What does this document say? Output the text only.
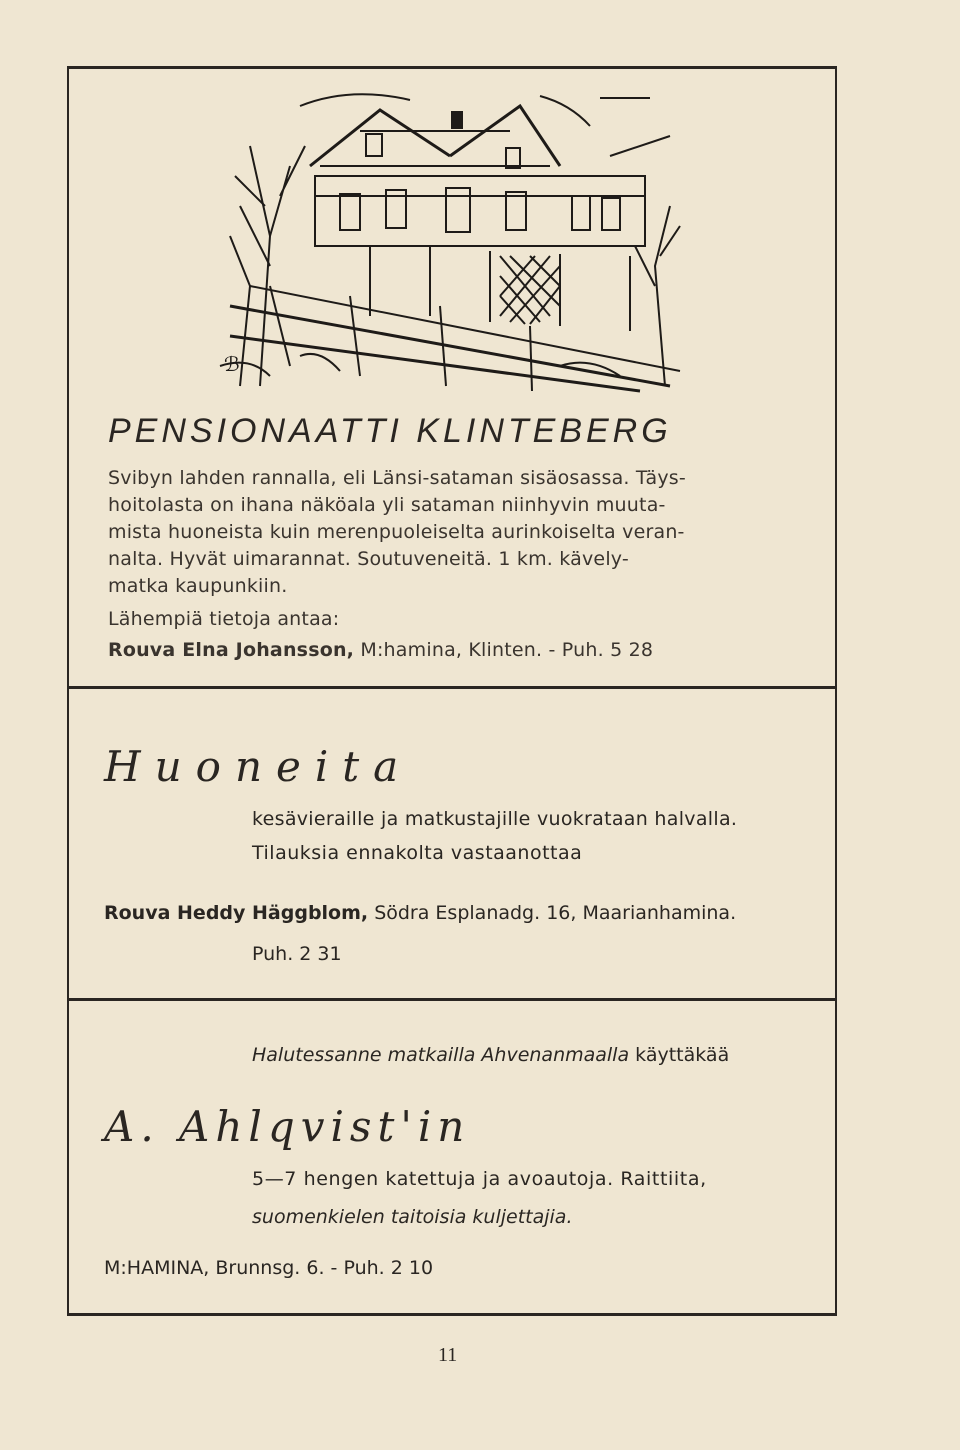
ℬ
PENSIONAATTI KLINTEBERG
Svibyn lahden rannalla, eli Länsi-sataman sisäosassa. Täys-
hoitolasta on ihana näköala yli sataman niinhyvin muuta-
mista huoneista kuin merenpuoleiselta aurinkoiselta veran-
nalta. Hyvät uimarannat. Soutuveneitä. 1 km. kävely-
matka kaupunkiin.
Lähempiä tietoja antaa:
Rouva Elna Johansson, M:hamina, Klinten. - Puh. 5 28
Huoneita
kesävieraille ja matkustajille vuokrataan halvalla.
Tilauksia ennakolta vastaanottaa
Rouva Heddy Häggblom, Södra Esplanadg. 16, Maarianhamina.
Puh. 2 31
Halutessanne matkailla Ahvenanmaalla käyttäkää
A. Ahlqvist'in
5—7 hengen katettuja ja avoautoja. Raittiita,
suomenkielen taitoisia kuljettajia.
M:HAMINA, Brunnsg. 6. - Puh. 2 10
11
